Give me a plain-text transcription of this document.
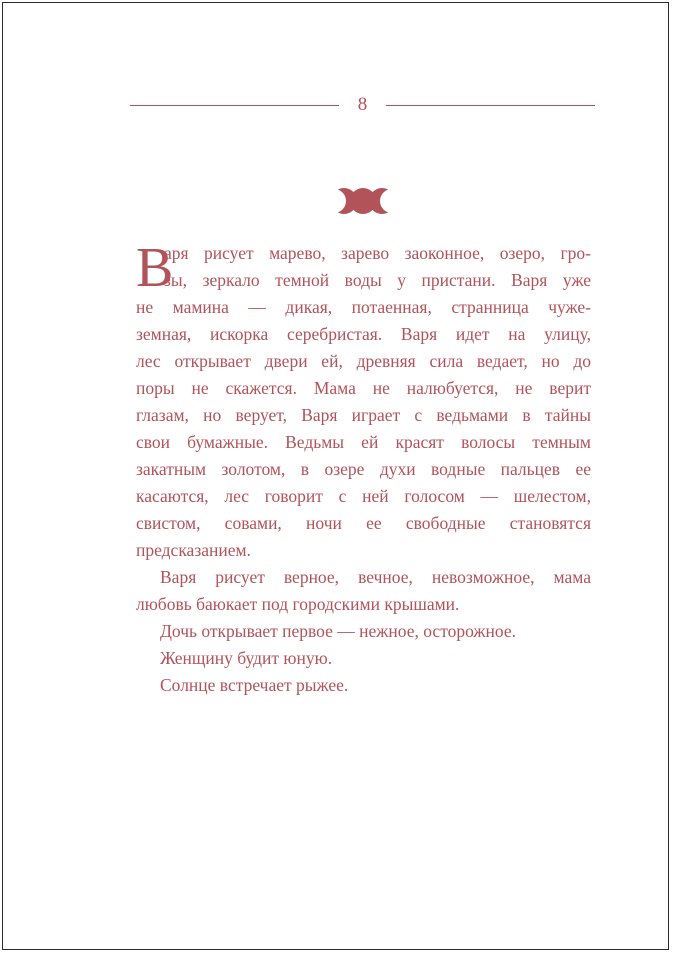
8
В
аря рисует марево, зарево заоконное, озеро, гро-
зы, зеркало темной воды у пристани. Варя уже
не мамина — дикая, потаенная, странница чуже-
земная, искорка серебристая. Варя идет на улицу,
лес открывает двери ей, древняя сила ведает, но до
поры не скажется. Мама не налюбуется, не верит
глазам, но верует, Варя играет с ведьмами в тайны
свои бумажные. Ведьмы ей красят волосы темным
закатным золотом, в озере духи водные пальцев ее
касаются, лес говорит с ней голосом — шелестом,
свистом, совами, ночи ее свободные становятся
предсказанием.
Варя рисует верное, вечное, невозможное, мама
любовь баюкает под городскими крышами.
Дочь открывает первое — нежное, осторожное.
Женщину будит юную.
Солнце встречает рыжее.
